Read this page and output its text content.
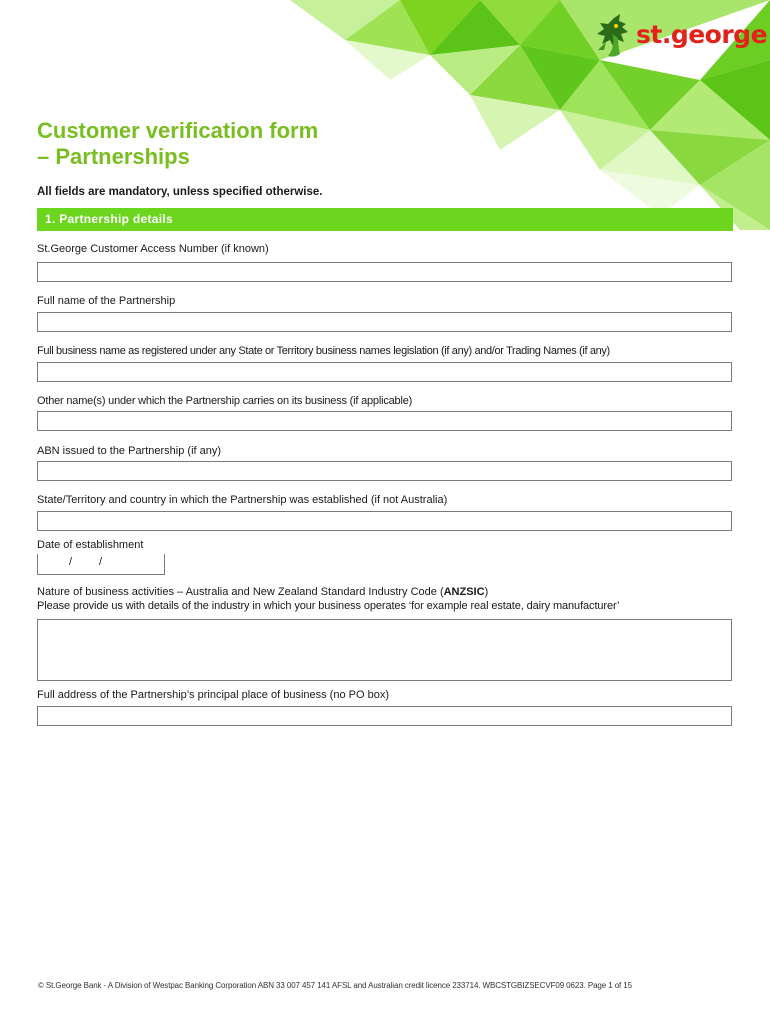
st.george
Customer verification form
– Partnerships
All fields are mandatory, unless specified otherwise.
1. Partnership details
St.George Customer Access Number (if known)
Full name of the Partnership
Full business name as registered under any State or Territory business names legislation (if any) and/or Trading Names (if any)
Other name(s) under which the Partnership carries on its business (if applicable)
ABN issued to the Partnership (if any)
State/Territory and country in which the Partnership was established (if not Australia)
Date of establishment
/ /
Nature of business activities – Australia and New Zealand Standard Industry Code (ANZSIC)
Please provide us with details of the industry in which your business operates ‘for example real estate, dairy manufacturer’
Full address of the Partnership’s principal place of business (no PO box)
© St.George Bank - A Division of Westpac Banking Corporation ABN 33 007 457 141 AFSL and Australian credit licence 233714. WBCSTGBIZSECVF09 0623. Page 1 of 15
